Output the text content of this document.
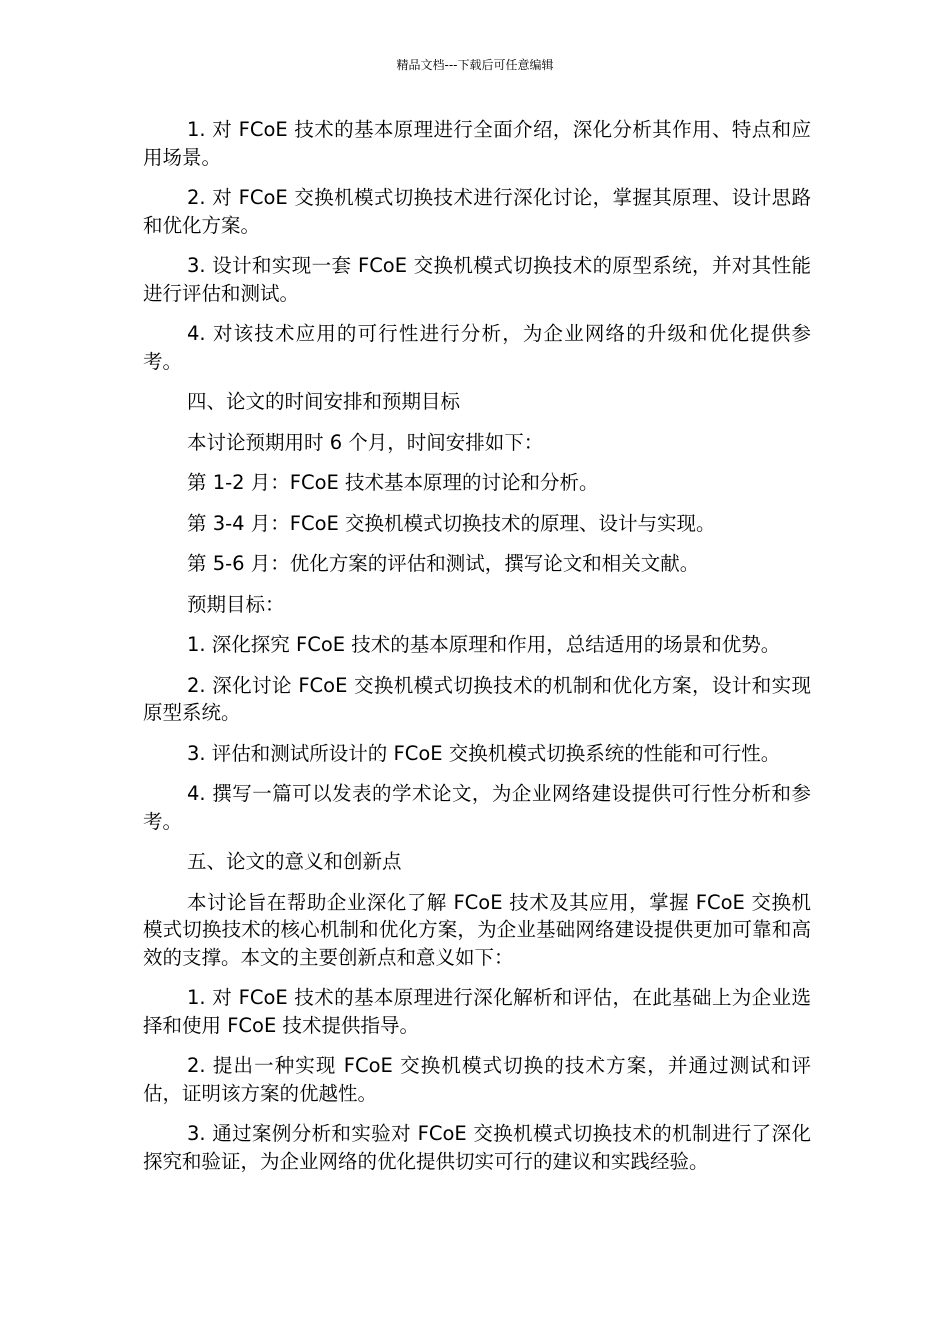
精品文档---下载后可任意编辑

1. 对 FCoE 技术的基本原理进行全面介绍，深化分析其作用、特点和应用场景。

2. 对 FCoE 交换机模式切换技术进行深化讨论，掌握其原理、设计思路和优化方案。

3. 设计和实现一套 FCoE 交换机模式切换技术的原型系统，并对其性能进行评估和测试。

4. 对该技术应用的可行性进行分析，为企业网络的升级和优化提供参考。

四、论文的时间安排和预期目标

本讨论预期用时 6 个月，时间安排如下：

第 1-2 月：FCoE 技术基本原理的讨论和分析。

第 3-4 月：FCoE 交换机模式切换技术的原理、设计与实现。

第 5-6 月：优化方案的评估和测试，撰写论文和相关文献。

预期目标：

1. 深化探究 FCoE 技术的基本原理和作用，总结适用的场景和优势。

2. 深化讨论 FCoE 交换机模式切换技术的机制和优化方案，设计和实现原型系统。

3. 评估和测试所设计的 FCoE 交换机模式切换系统的性能和可行性。

4. 撰写一篇可以发表的学术论文，为企业网络建设提供可行性分析和参考。

五、论文的意义和创新点

本讨论旨在帮助企业深化了解 FCoE 技术及其应用，掌握 FCoE 交换机模式切换技术的核心机制和优化方案，为企业基础网络建设提供更加可靠和高效的支撑。本文的主要创新点和意义如下：

1. 对 FCoE 技术的基本原理进行深化解析和评估，在此基础上为企业选择和使用 FCoE 技术提供指导。

2. 提出一种实现 FCoE 交换机模式切换的技术方案，并通过测试和评估，证明该方案的优越性。

3. 通过案例分析和实验对 FCoE 交换机模式切换技术的机制进行了深化探究和验证，为企业网络的优化提供切实可行的建议和实践经验。
